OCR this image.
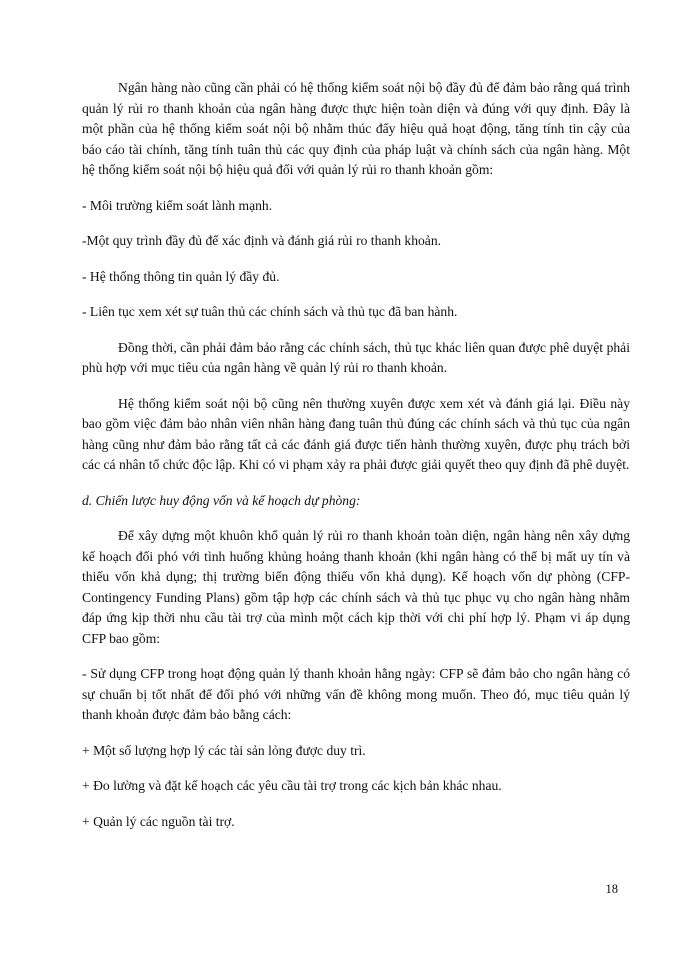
Ngân hàng nào cũng cần phải có hệ thống kiểm soát nội bộ đầy đủ để đảm bảo rằng quá trình quản lý rủi ro thanh khoản của ngân hàng được thực hiện toàn diện và đúng với quy định. Đây là một phần của hệ thống kiểm soát nội bộ nhằm thúc đẩy hiệu quả hoạt động, tăng tính tin cậy của báo cáo tài chính, tăng tính tuân thủ các quy định của pháp luật và chính sách của ngân hàng. Một hệ thống kiểm soát nội bộ hiệu quả đối với quản lý rủi ro thanh khoản gồm:

- Môi trường kiểm soát lành mạnh.

-Một quy trình đầy đủ để xác định và đánh giá rủi ro thanh khoản.

- Hệ thống thông tin quản lý đầy đủ.

- Liên tục xem xét sự tuân thủ các chính sách và thủ tục đã ban hành.

Đồng thời, cần phải đảm bảo rằng các chính sách, thủ tục khác liên quan được phê duyệt phải phù hợp với mục tiêu của ngân hàng về quản lý rủi ro thanh khoản.

Hệ thống kiểm soát nội bộ cũng nên thường xuyên được xem xét và đánh giá lại. Điều này bao gồm việc đảm bảo nhân viên nhân hàng đang tuân thủ đúng các chính sách và thủ tục của ngân hàng cũng như đảm bảo rằng tất cả các đánh giá được tiến hành thường xuyên, được phụ trách bởi các cá nhân tổ chức độc lập. Khi có vi phạm xảy ra phải được giải quyết theo quy định đã phê duyệt.

d. Chiến lược huy động vốn và kế hoạch dự phòng:

Để xây dựng một khuôn khổ quản lý rủi ro thanh khoản toàn diện, ngân hàng nên xây dựng kế hoạch đối phó với tình huống khủng hoảng thanh khoản (khi ngân hàng có thể bị mất uy tín và thiếu vốn khả dụng; thị trường biến động thiếu vốn khả dụng). Kế hoạch vốn dự phòng (CFP- Contingency Funding Plans) gồm tập hợp các chính sách và thủ tục phục vụ cho ngân hàng nhằm đáp ứng kịp thời nhu cầu tài trợ của mình một cách kịp thời với chi phí hợp lý. Phạm vi áp dụng CFP bao gồm:

- Sử dụng CFP trong hoạt động quản lý thanh khoản hằng ngày: CFP sẽ đảm bảo cho ngân hàng có sự chuẩn bị tốt nhất để đối phó với những vấn đề không mong muốn. Theo đó, mục tiêu quản lý thanh khoản được đảm bảo bằng cách:

+ Một số lượng hợp lý các tài sản lỏng được duy trì.

+ Đo lường và đặt kế hoạch các yêu cầu tài trợ trong các kịch bản khác nhau.

+ Quản lý các nguồn tài trợ.

18
